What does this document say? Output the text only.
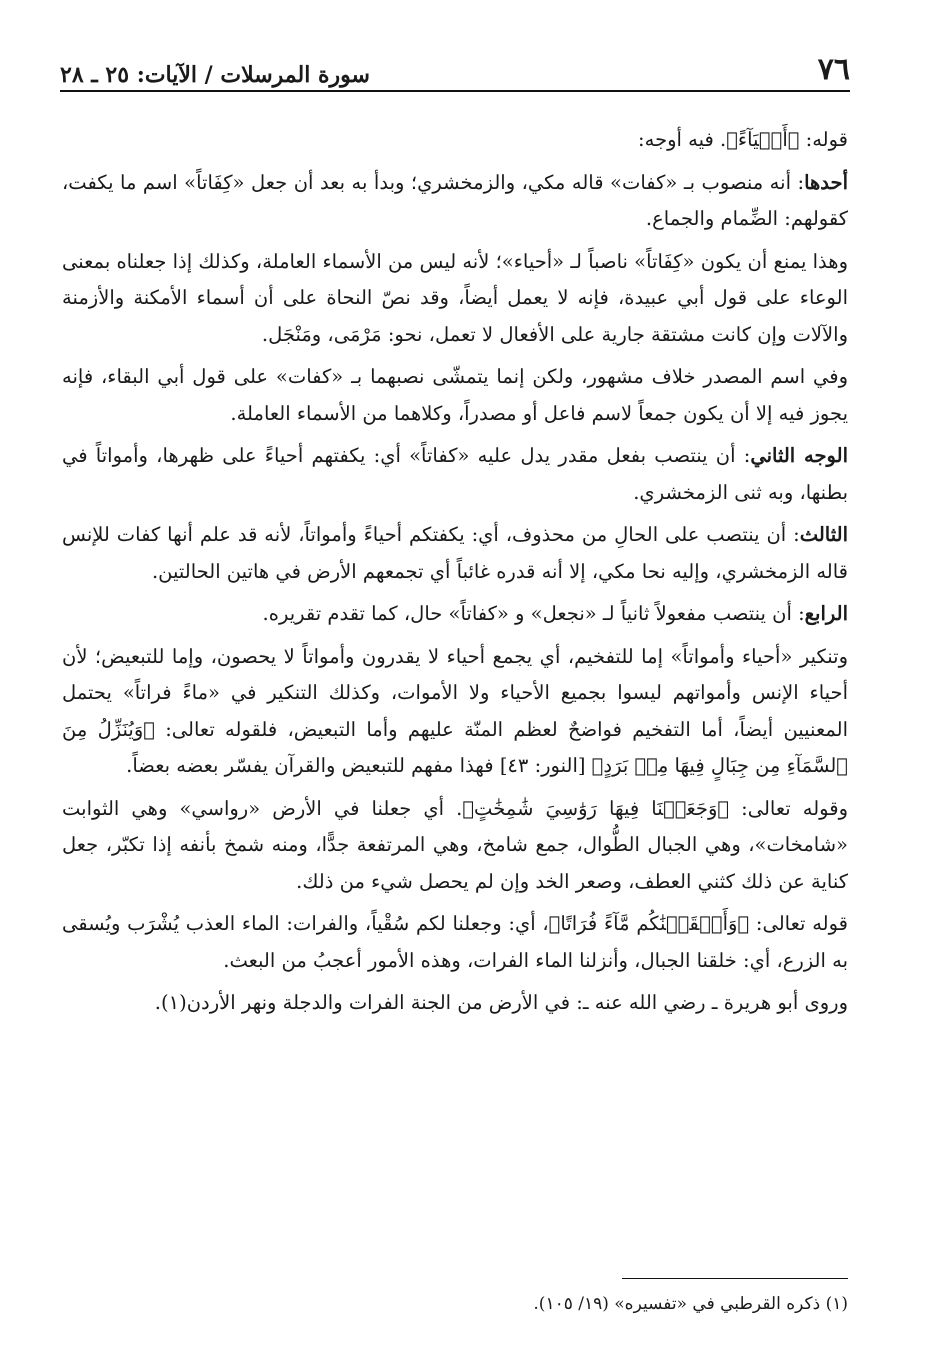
٧٦
سورة المرسلات / الآيات: ٢٥ ـ ٢٨

قوله: ﴿أَحۡيَآءً﴾. فيه أوجه:

أحدها: أنه منصوب بـ «كفات» قاله مكي، والزمخشري؛ وبدأ به بعد أن جعل «كِفَاتاً» اسم ما يكفت، كقولهم: الضِّمام والجماع.

وهذا يمنع أن يكون «كِفَاتاً» ناصباً لـ «أحياء»؛ لأنه ليس من الأسماء العاملة، وكذلك إذا جعلناه بمعنى الوعاء على قول أبي عبيدة، فإنه لا يعمل أيضاً، وقد نصّ النحاة على أن أسماء الأمكنة والأزمنة والآلات وإن كانت مشتقة جارية على الأفعال لا تعمل، نحو: مَرْمَى، ومَنْجَل.

وفي اسم المصدر خلاف مشهور، ولكن إنما يتمشّى نصبهما بـ «كفات» على قول أبي البقاء، فإنه يجوز فيه إلا أن يكون جمعاً لاسم فاعل أو مصدراً، وكلاهما من الأسماء العاملة.

الوجه الثاني: أن ينتصب بفعل مقدر يدل عليه «كفاتاً» أي: يكفتهم أحياءً على ظهرها، وأمواتاً في بطنها، وبه ثنى الزمخشري.

الثالث: أن ينتصب على الحالِ من محذوف، أي: يكفتكم أحياءً وأمواتاً، لأنه قد علم أنها كفات للإنس قاله الزمخشري، وإليه نحا مكي، إلا أنه قدره غائباً أي تجمعهم الأرض في هاتين الحالتين.

الرابع: أن ينتصب مفعولاً ثانياً لـ «نجعل» و «كفاتاً» حال، كما تقدم تقريره.

وتنكير «أحياء وأمواتاً» إما للتفخيم، أي يجمع أحياء لا يقدرون وأمواتاً لا يحصون، وإما للتبعيض؛ لأن أحياء الإنس وأمواتهم ليسوا بجميع الأحياء ولا الأموات، وكذلك التنكير في «ماءً فراتاً» يحتمل المعنيين أيضاً، أما التفخيم فواضحٌ لعظم المنّة عليهم وأما التبعيض، فلقوله تعالى: ﴿وَيُنَزِّلُ مِنَ ٱلسَّمَآءِ مِن جِبَالٍ فِيهَا مِنۢ بَرَدٍ﴾ [النور: ٤٣] فهذا مفهم للتبعيض والقرآن يفسّر بعضه بعضاً.

وقوله تعالى: ﴿وَجَعَلۡنَا فِيهَا رَوَٰسِيَ شَٰمِخَٰتٍ﴾. أي جعلنا في الأرض «رواسي» وهي الثوابت «شامخات»، وهي الجبال الطُّوال، جمع شامخ، وهي المرتفعة جدًّا، ومنه شمخ بأنفه إذا تكبّر، جعل كناية عن ذلك كثني العطف، وصعر الخد وإن لم يحصل شيء من ذلك.

قوله تعالى: ﴿وَأَسۡقَيۡنَٰكُم مَّآءً فُرَاتًا﴾، أي: وجعلنا لكم سُقْياً، والفرات: الماء العذب يُشْرَب ويُسقى به الزرع، أي: خلقنا الجبال، وأنزلنا الماء الفرات، وهذه الأمور أعجبُ من البعث.

وروى أبو هريرة ـ رضي الله عنه ـ: في الأرض من الجنة الفرات والدجلة ونهر الأردن(١).

(١) ذكره القرطبي في «تفسيره» (١٩/ ١٠٥).
